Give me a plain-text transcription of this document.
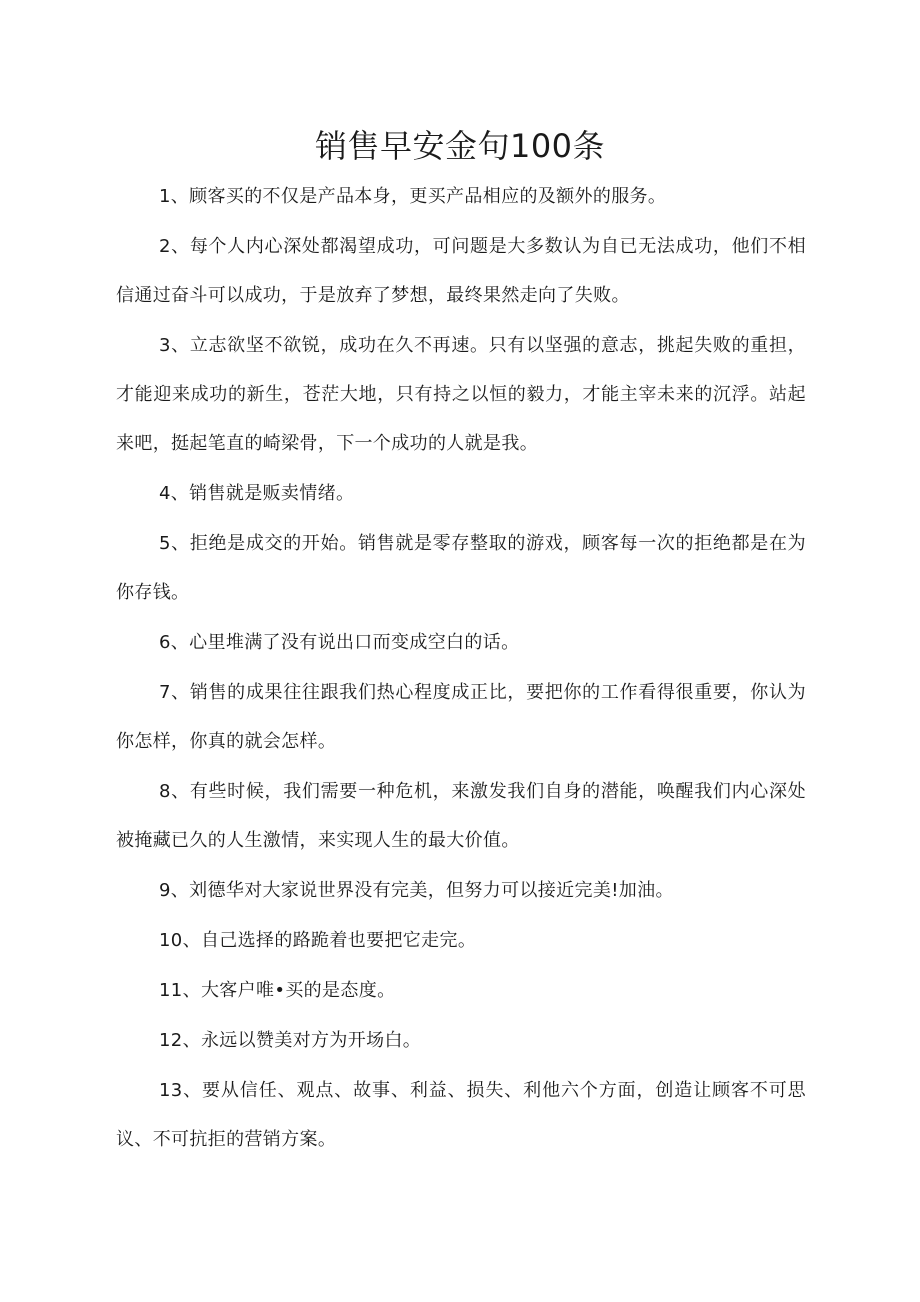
销售早安金句100条

1、顾客买的不仅是产品本身，更买产品相应的及额外的服务。

2、每个人内心深处都渴望成功，可问题是大多数认为自已无法成功，他们不相信通过奋斗可以成功，于是放弃了梦想，最终果然走向了失败。

3、立志欲坚不欲锐，成功在久不再速。只有以坚强的意志，挑起失败的重担，才能迎来成功的新生，苍茫大地，只有持之以恒的毅力，才能主宰未来的沉浮。站起来吧，挺起笔直的崎梁骨，下一个成功的人就是我。

4、销售就是贩卖情绪。

5、拒绝是成交的开始。销售就是零存整取的游戏，顾客每一次的拒绝都是在为你存钱。

6、心里堆满了没有说出口而变成空白的话。

7、销售的成果往往跟我们热心程度成正比，要把你的工作看得很重要，你认为你怎样，你真的就会怎样。

8、有些时候，我们需要一种危机，来激发我们自身的潜能，唤醒我们内心深处被掩藏已久的人生激情，来实现人生的最大价值。

9、刘德华对大家说世界没有完美，但努力可以接近完美!加油。

10、自己选择的路跪着也要把它走完。

11、大客户唯•买的是态度。

12、永远以赞美对方为开场白。

13、要从信任、观点、故事、利益、损失、利他六个方面，创造让顾客不可思议、不可抗拒的营销方案。
